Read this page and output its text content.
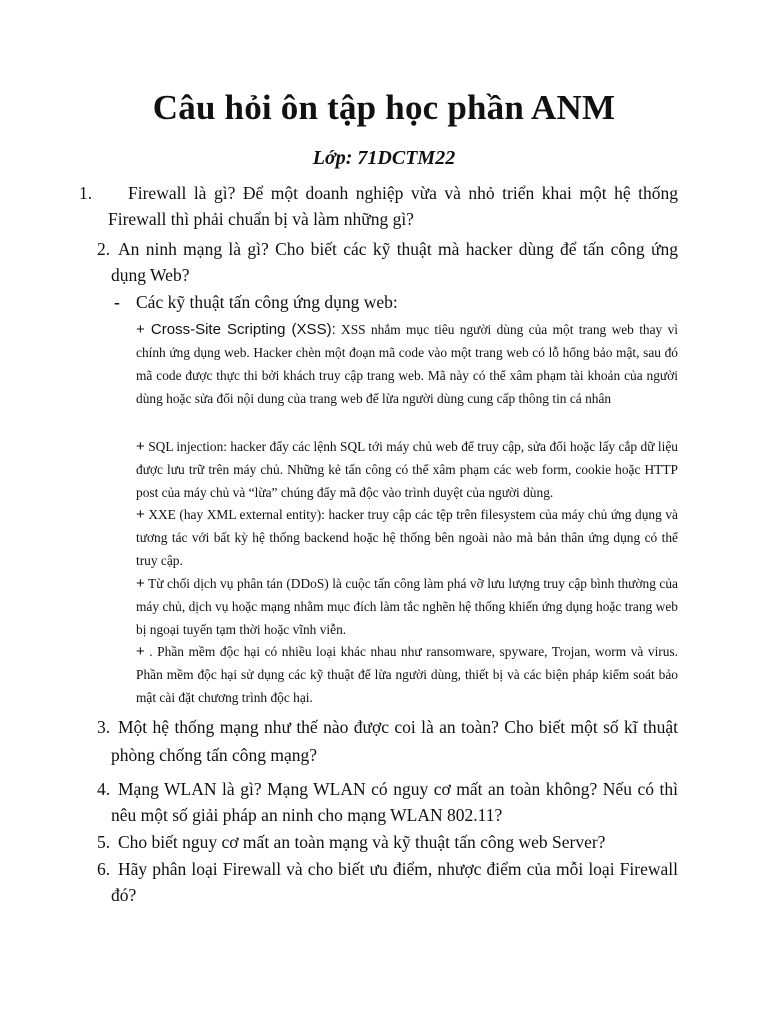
Câu hỏi ôn tập học phần ANM
Lớp: 71DCTM22
1.	Firewall là gì? Để một doanh nghiệp vừa và nhỏ triển khai một hệ thống Firewall thì phải chuẩn bị và làm những gì?
2. An ninh mạng là gì? Cho biết các kỹ thuật mà hacker dùng để tấn công ứng dụng Web?
- Các kỹ thuật tấn công ứng dụng web:
+ Cross-Site Scripting (XSS): XSS nhắm mục tiêu người dùng của một trang web thay vì chính ứng dụng web. Hacker chèn một đoạn mã code vào một trang web có lỗ hổng bảo mật, sau đó mã code được thực thi bởi khách truy cập trang web. Mã này có thể xâm phạm tài khoản của người dùng hoặc sửa đổi nội dung của trang web để lừa người dùng cung cấp thông tin cá nhân
+ SQL injection: hacker đẩy các lệnh SQL tới máy chủ web để truy cập, sửa đổi hoặc lấy cắp dữ liệu được lưu trữ trên máy chủ. Những kẻ tấn công có thể xâm phạm các web form, cookie hoặc HTTP post của máy chủ và “lừa” chúng đẩy mã độc vào trình duyệt của người dùng.
+ XXE (hay XML external entity): hacker truy cập các tệp trên filesystem của máy chủ ứng dụng và tương tác với bất kỳ hệ thống backend hoặc hệ thống bên ngoài nào mà bản thân ứng dụng có thể truy cập.
+ Từ chối dịch vụ phân tán (DDoS) là cuộc tấn công làm phá vỡ lưu lượng truy cập bình thường của máy chủ, dịch vụ hoặc mạng nhằm mục đích làm tắc nghẽn hệ thống khiến ứng dụng hoặc trang web bị ngoại tuyến tạm thời hoặc vĩnh viễn.
+ . Phần mềm độc hại có nhiều loại khác nhau như ransomware, spyware, Trojan, worm và virus. Phần mềm độc hại sử dụng các kỹ thuật để lừa người dùng, thiết bị và các biện pháp kiểm soát bảo mật cài đặt chương trình độc hại.
3. Một hệ thống mạng như thế nào được coi là an toàn? Cho biết một số kĩ thuật phòng chống tấn công mạng?
4. Mạng WLAN là gì? Mạng WLAN có nguy cơ mất an toàn không? Nếu có thì nêu một số giải pháp an ninh cho mạng WLAN 802.11?
5. Cho biết nguy cơ mất an toàn mạng và kỹ thuật tấn công web Server?
6. Hãy phân loại Firewall và cho biết ưu điểm, nhược điểm của mỗi loại Firewall đó?
